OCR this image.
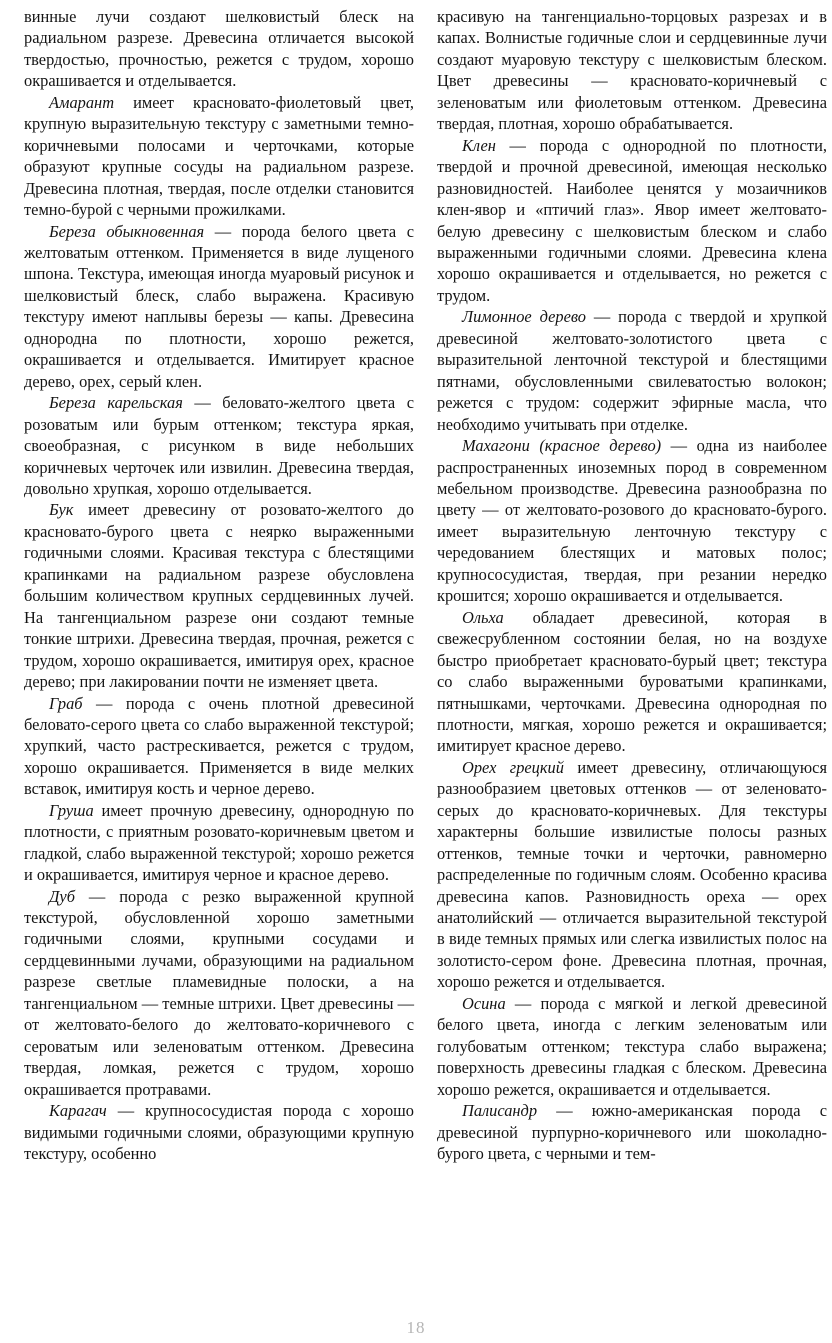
винные лучи создают шелковистый блеск на радиальном разрезе. Древесина отличается высокой твердостью, прочностью, режется с трудом, хорошо окрашивается и отделывается.

Амарант имеет красновато-фиолетовый цвет, крупную выразительную текстуру с заметными темно-коричневыми полосами и черточками, которые образуют крупные сосуды на радиальном разрезе. Древесина плотная, твердая, после отделки становится темно-бурой с черными прожилками.

Береза обыкновенная — порода белого цвета с желтоватым оттенком. Применяется в виде лущеного шпона. Текстура, имеющая иногда муаровый рисунок и шелковистый блеск, слабо выражена. Красивую текстуру имеют наплывы березы — капы. Древесина однородна по плотности, хорошо режется, окрашивается и отделывается. Имитирует красное дерево, орех, серый клен.

Береза карельская — беловато-желтого цвета с розоватым или бурым оттенком; текстура яркая, своеобразная, с рисунком в виде небольших коричневых черточек или извилин. Древесина твердая, довольно хрупкая, хорошо отделывается.

Бук имеет древесину от розовато-желтого до красновато-бурого цвета с неярко выраженными годичными слоями. Красивая текстура с блестящими крапинками на радиальном разрезе обусловлена большим количеством крупных сердцевинных лучей. На тангенциальном разрезе они создают темные тонкие штрихи. Древесина твердая, прочная, режется с трудом, хорошо окрашивается, имитируя орех, красное дерево; при лакировании почти не изменяет цвета.

Граб — порода с очень плотной древесиной беловато-серого цвета со слабо выраженной текстурой; хрупкий, часто растрескивается, режется с трудом, хорошо окрашивается. Применяется в виде мелких вставок, имитируя кость и черное дерево.

Груша имеет прочную древесину, однородную по плотности, с приятным розовато-коричневым цветом и гладкой, слабо выраженной текстурой; хорошо режется и окрашивается, имитируя черное и красное дерево.

Дуб — порода с резко выраженной крупной текстурой, обусловленной хорошо заметными годичными слоями, крупными сосудами и сердцевинными лучами, образующими на радиальном разрезе светлые пламевидные полоски, а на тангенциальном — темные штрихи. Цвет древесины — от желтовато-белого до желтовато-коричневого с сероватым или зеленоватым оттенком. Древесина твердая, ломкая, режется с трудом, хорошо окрашивается протравами.

Карагач — крупнососудистая порода с хорошо видимыми годичными слоями, образующими крупную текстуру, особенно

красивую на тангенциально-торцовых разрезах и в капах. Волнистые годичные слои и сердцевинные лучи создают муаровую текстуру с шелковистым блеском. Цвет древесины — красновато-коричневый с зеленоватым или фиолетовым оттенком. Древесина твердая, плотная, хорошо обрабатывается.

Клен — порода с однородной по плотности, твердой и прочной древесиной, имеющая несколько разновидностей. Наиболее ценятся у мозаичников клен-явор и «птичий глаз». Явор имеет желтовато-белую древесину с шелковистым блеском и слабо выраженными годичными слоями. Древесина клена хорошо окрашивается и отделывается, но режется с трудом.

Лимонное дерево — порода с твердой и хрупкой древесиной желтовато-золотистого цвета с выразительной ленточной текстурой и блестящими пятнами, обусловленными свилеватостью волокон; режется с трудом: содержит эфирные масла, что необходимо учитывать при отделке.

Махагони (красное дерево) — одна из наиболее распространенных иноземных пород в современном мебельном производстве. Древесина разнообразна по цвету — от желтовато-розового до красновато-бурого. имеет выразительную ленточную текстуру с чередованием блестящих и матовых полос; крупнососудистая, твердая, при резании нередко крошится; хорошо окрашивается и отделывается.

Ольха обладает древесиной, которая в свежесрубленном состоянии белая, но на воздухе быстро приобретает красновато-бурый цвет; текстура со слабо выраженными буроватыми крапинками, пятнышками, черточками. Древесина однородная по плотности, мягкая, хорошо режется и окрашивается; имитирует красное дерево.

Орех грецкий имеет древесину, отличающуюся разнообразием цветовых оттенков — от зеленовато-серых до красновато-коричневых. Для текстуры характерны большие извилистые полосы разных оттенков, темные точки и черточки, равномерно распределенные по годичным слоям. Особенно красива древесина капов. Разновидность ореха — орех анатолийский — отличается выразительной текстурой в виде темных прямых или слегка извилистых полос на золотисто-сером фоне. Древесина плотная, прочная, хорошо режется и отделывается.

Осина — порода с мягкой и легкой древесиной белого цвета, иногда с легким зеленоватым или голубоватым оттенком; текстура слабо выражена; поверхность древесины гладкая с блеском. Древесина хорошо режется, окрашивается и отделывается.

Палисандр — южно-американская порода с древесиной пурпурно-коричневого или шоколадно-бурого цвета, с черными и тем-

18
